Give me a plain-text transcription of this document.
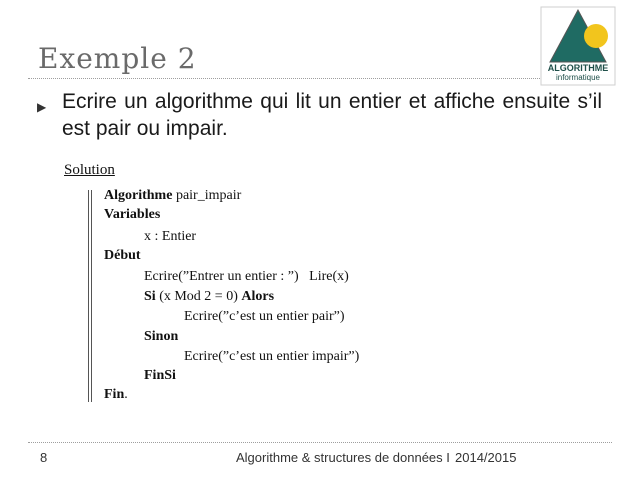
Exemple 2	ALGORITHME
informatique
▶ Ecrire un algorithme qui lit un entier et affiche ensuite s’il est pair ou impair.
Solution
Algorithme pair_impair
Variables
x : Entier
Début
Ecrire(”Entrer un entier : ”)   Lire(x)
Si (x Mod 2 = 0) Alors
Ecrire(”c’est un entier pair”)
Sinon
Ecrire(”c’est un entier impair”)
FinSi
Fin.
8	Algorithme & structures de données I 2014/2015
